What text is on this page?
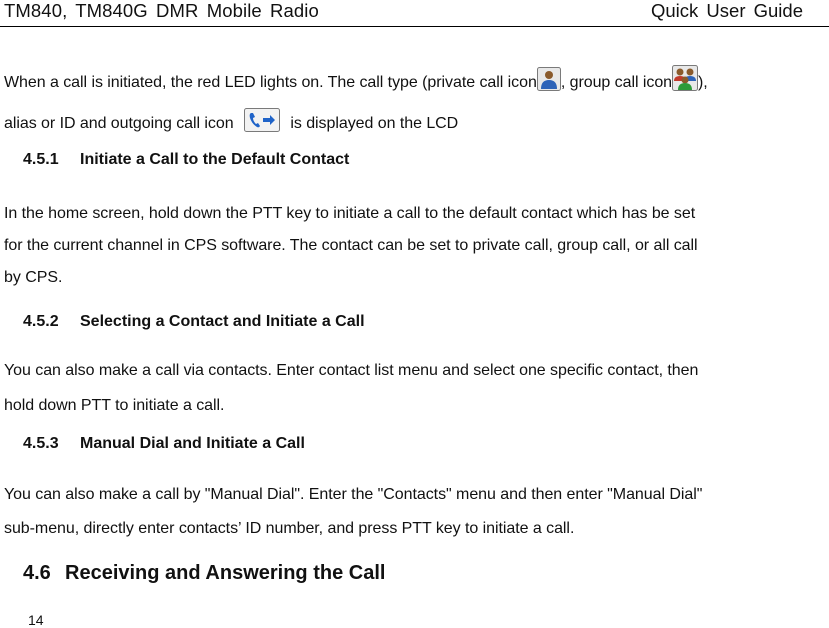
TM840, TM840G DMR Mobile Radio	Quick User Guide
When a call is initiated, the red LED lights on. The call type (private call icon , group call icon ),
alias or ID and outgoing call icon	is displayed on the LCD
4.5.1 Initiate a Call to the Default Contact
In the home screen, hold down the PTT key to initiate a call to the default contact which has be set
for the current channel in CPS software. The contact can be set to private call, group call, or all call
by CPS.
4.5.2 Selecting a Contact and Initiate a Call
You can also make a call via contacts. Enter contact list menu and select one specific contact, then
hold down PTT to initiate a call.
4.5.3 Manual Dial and Initiate a Call
You can also make a call by "Manual Dial". Enter the "Contacts" menu and then enter "Manual Dial"
sub-menu, directly enter contacts’ ID number, and press PTT key to initiate a call.
4.6 Receiving and Answering the Call
14
